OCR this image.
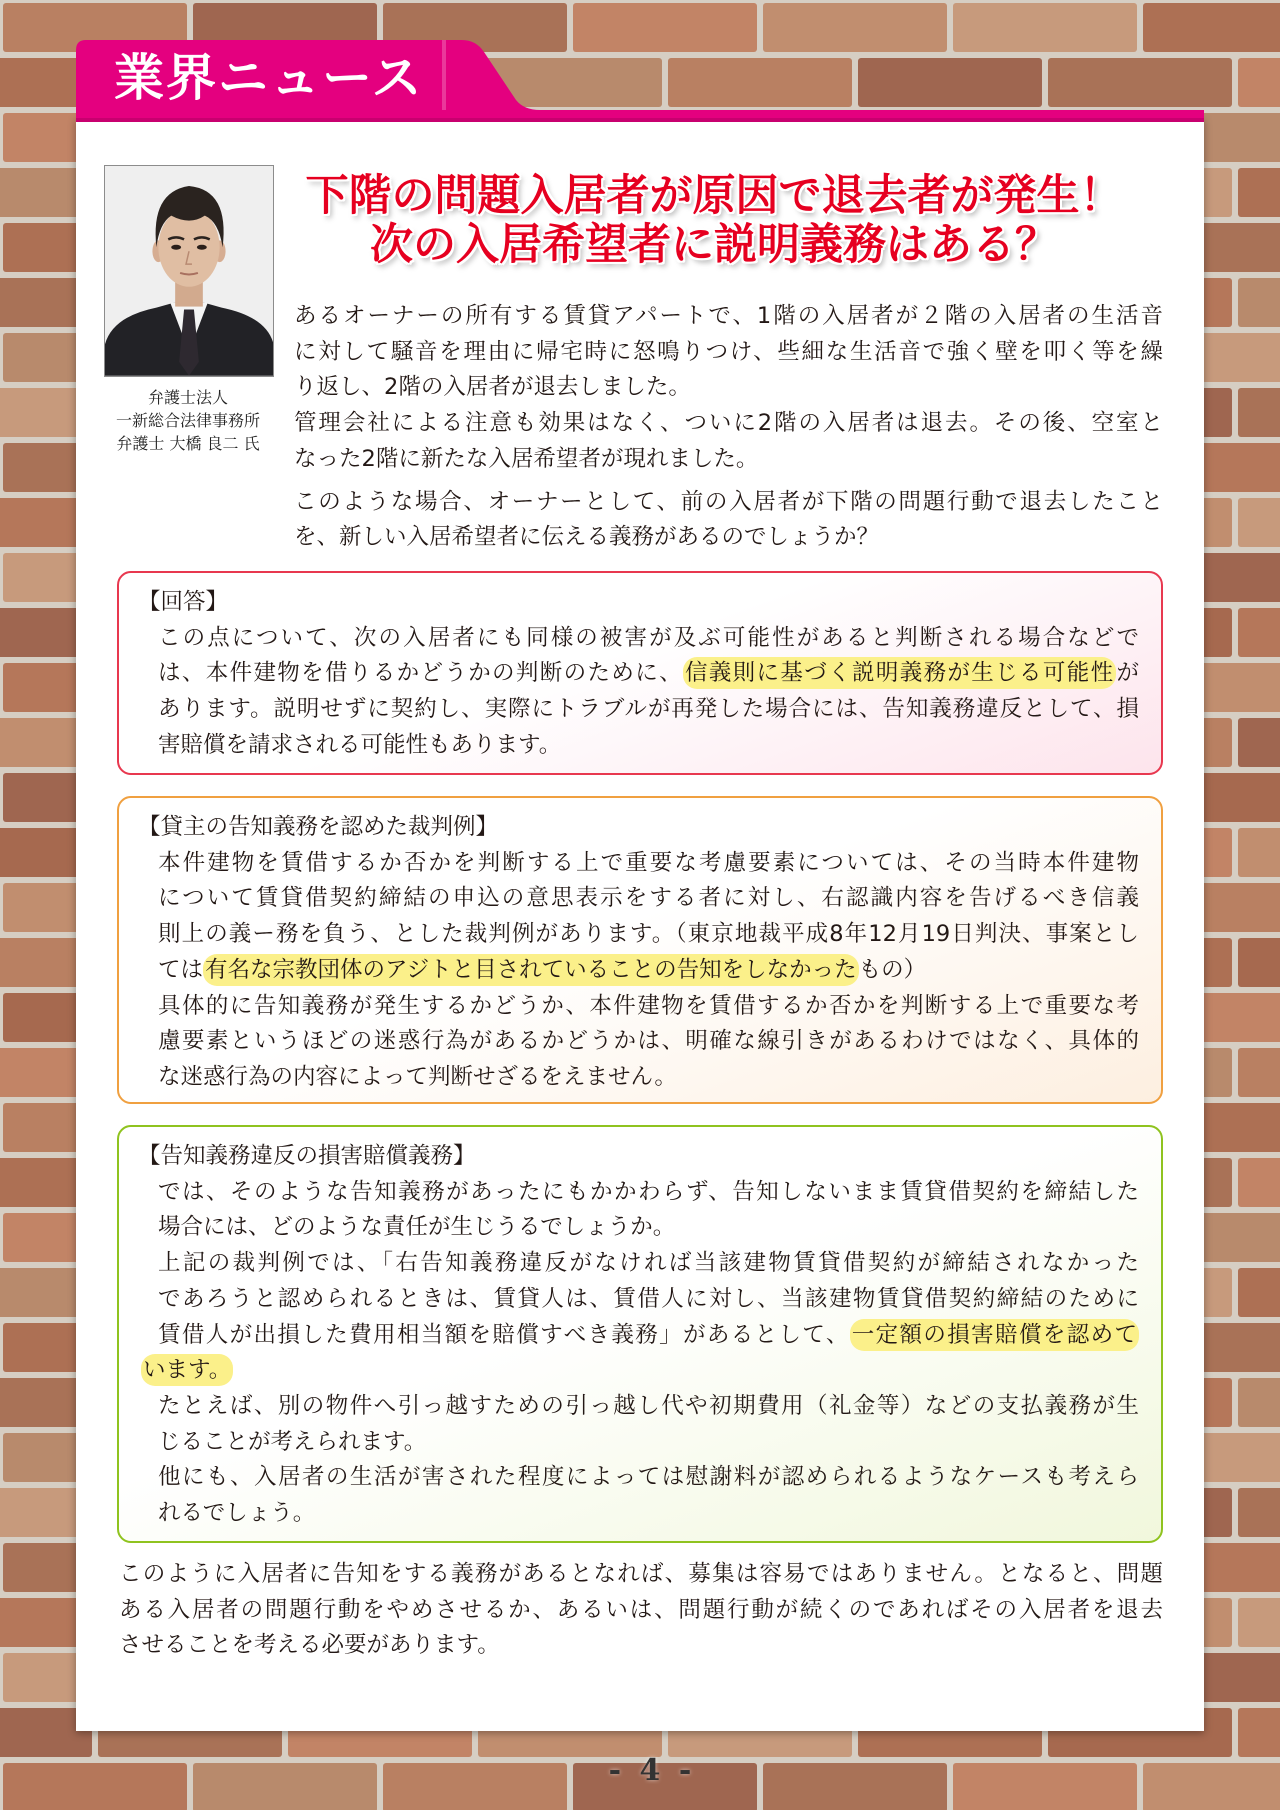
業界ニュース
弁護士法人
一新総合法律事務所
弁護士 大橋 良二 氏
下階の問題入居者が原因で退去者が発生！
次の入居希望者に説明義務はある？
あるオーナーの所有する賃貸アパートで、1階の入居者が２階の入居者の生活音
に対して騒音を理由に帰宅時に怒鳴りつけ、些細な生活音で強く壁を叩く等を繰
り返し、2階の入居者が退去しました。
管理会社による注意も効果はなく、ついに2階の入居者は退去。その後、空室と
なった2階に新たな入居希望者が現れました。
このような場合、オーナーとして、前の入居者が下階の問題行動で退去したこと
を、新しい入居希望者に伝える義務があるのでしょうか？
【回答】
この点について、次の入居者にも同様の被害が及ぶ可能性があると判断される場合などで
は、本件建物を借りるかどうかの判断のために、信義則に基づく説明義務が生じる可能性が
あります。説明せずに契約し、実際にトラブルが再発した場合には、告知義務違反として、損
害賠償を請求される可能性もあります。
【貸主の告知義務を認めた裁判例】
本件建物を賃借するか否かを判断する上で重要な考慮要素については、その当時本件建物
について賃貸借契約締結の申込の意思表示をする者に対し、右認識内容を告げるべき信義
則上の義ー務を負う、とした裁判例があります。（東京地裁平成8年12月19日判決、事案とし
ては有名な宗教団体のアジトと目されていることの告知をしなかったもの）
具体的に告知義務が発生するかどうか、本件建物を賃借するか否かを判断する上で重要な考
慮要素というほどの迷惑行為があるかどうかは、明確な線引きがあるわけではなく、具体的
な迷惑行為の内容によって判断せざるをえません。
【告知義務違反の損害賠償義務】
では、そのような告知義務があったにもかかわらず、告知しないまま賃貸借契約を締結した
場合には、どのような責任が生じうるでしょうか。
上記の裁判例では、「右告知義務違反がなければ当該建物賃貸借契約が締結されなかった
であろうと認められるときは、賃貸人は、賃借人に対し、当該建物賃貸借契約締結のために
賃借人が出損した費用相当額を賠償すべき義務」があるとして、一定額の損害賠償を認めて
います。
たとえば、別の物件へ引っ越すための引っ越し代や初期費用（礼金等）などの支払義務が生
じることが考えられます。
他にも、入居者の生活が害された程度によっては慰謝料が認められるようなケースも考えら
れるでしょう。
このように入居者に告知をする義務があるとなれば、募集は容易ではありません。となると、問題
ある入居者の問題行動をやめさせるか、あるいは、問題行動が続くのであればその入居者を退去
させることを考える必要があります。
- 4 -
